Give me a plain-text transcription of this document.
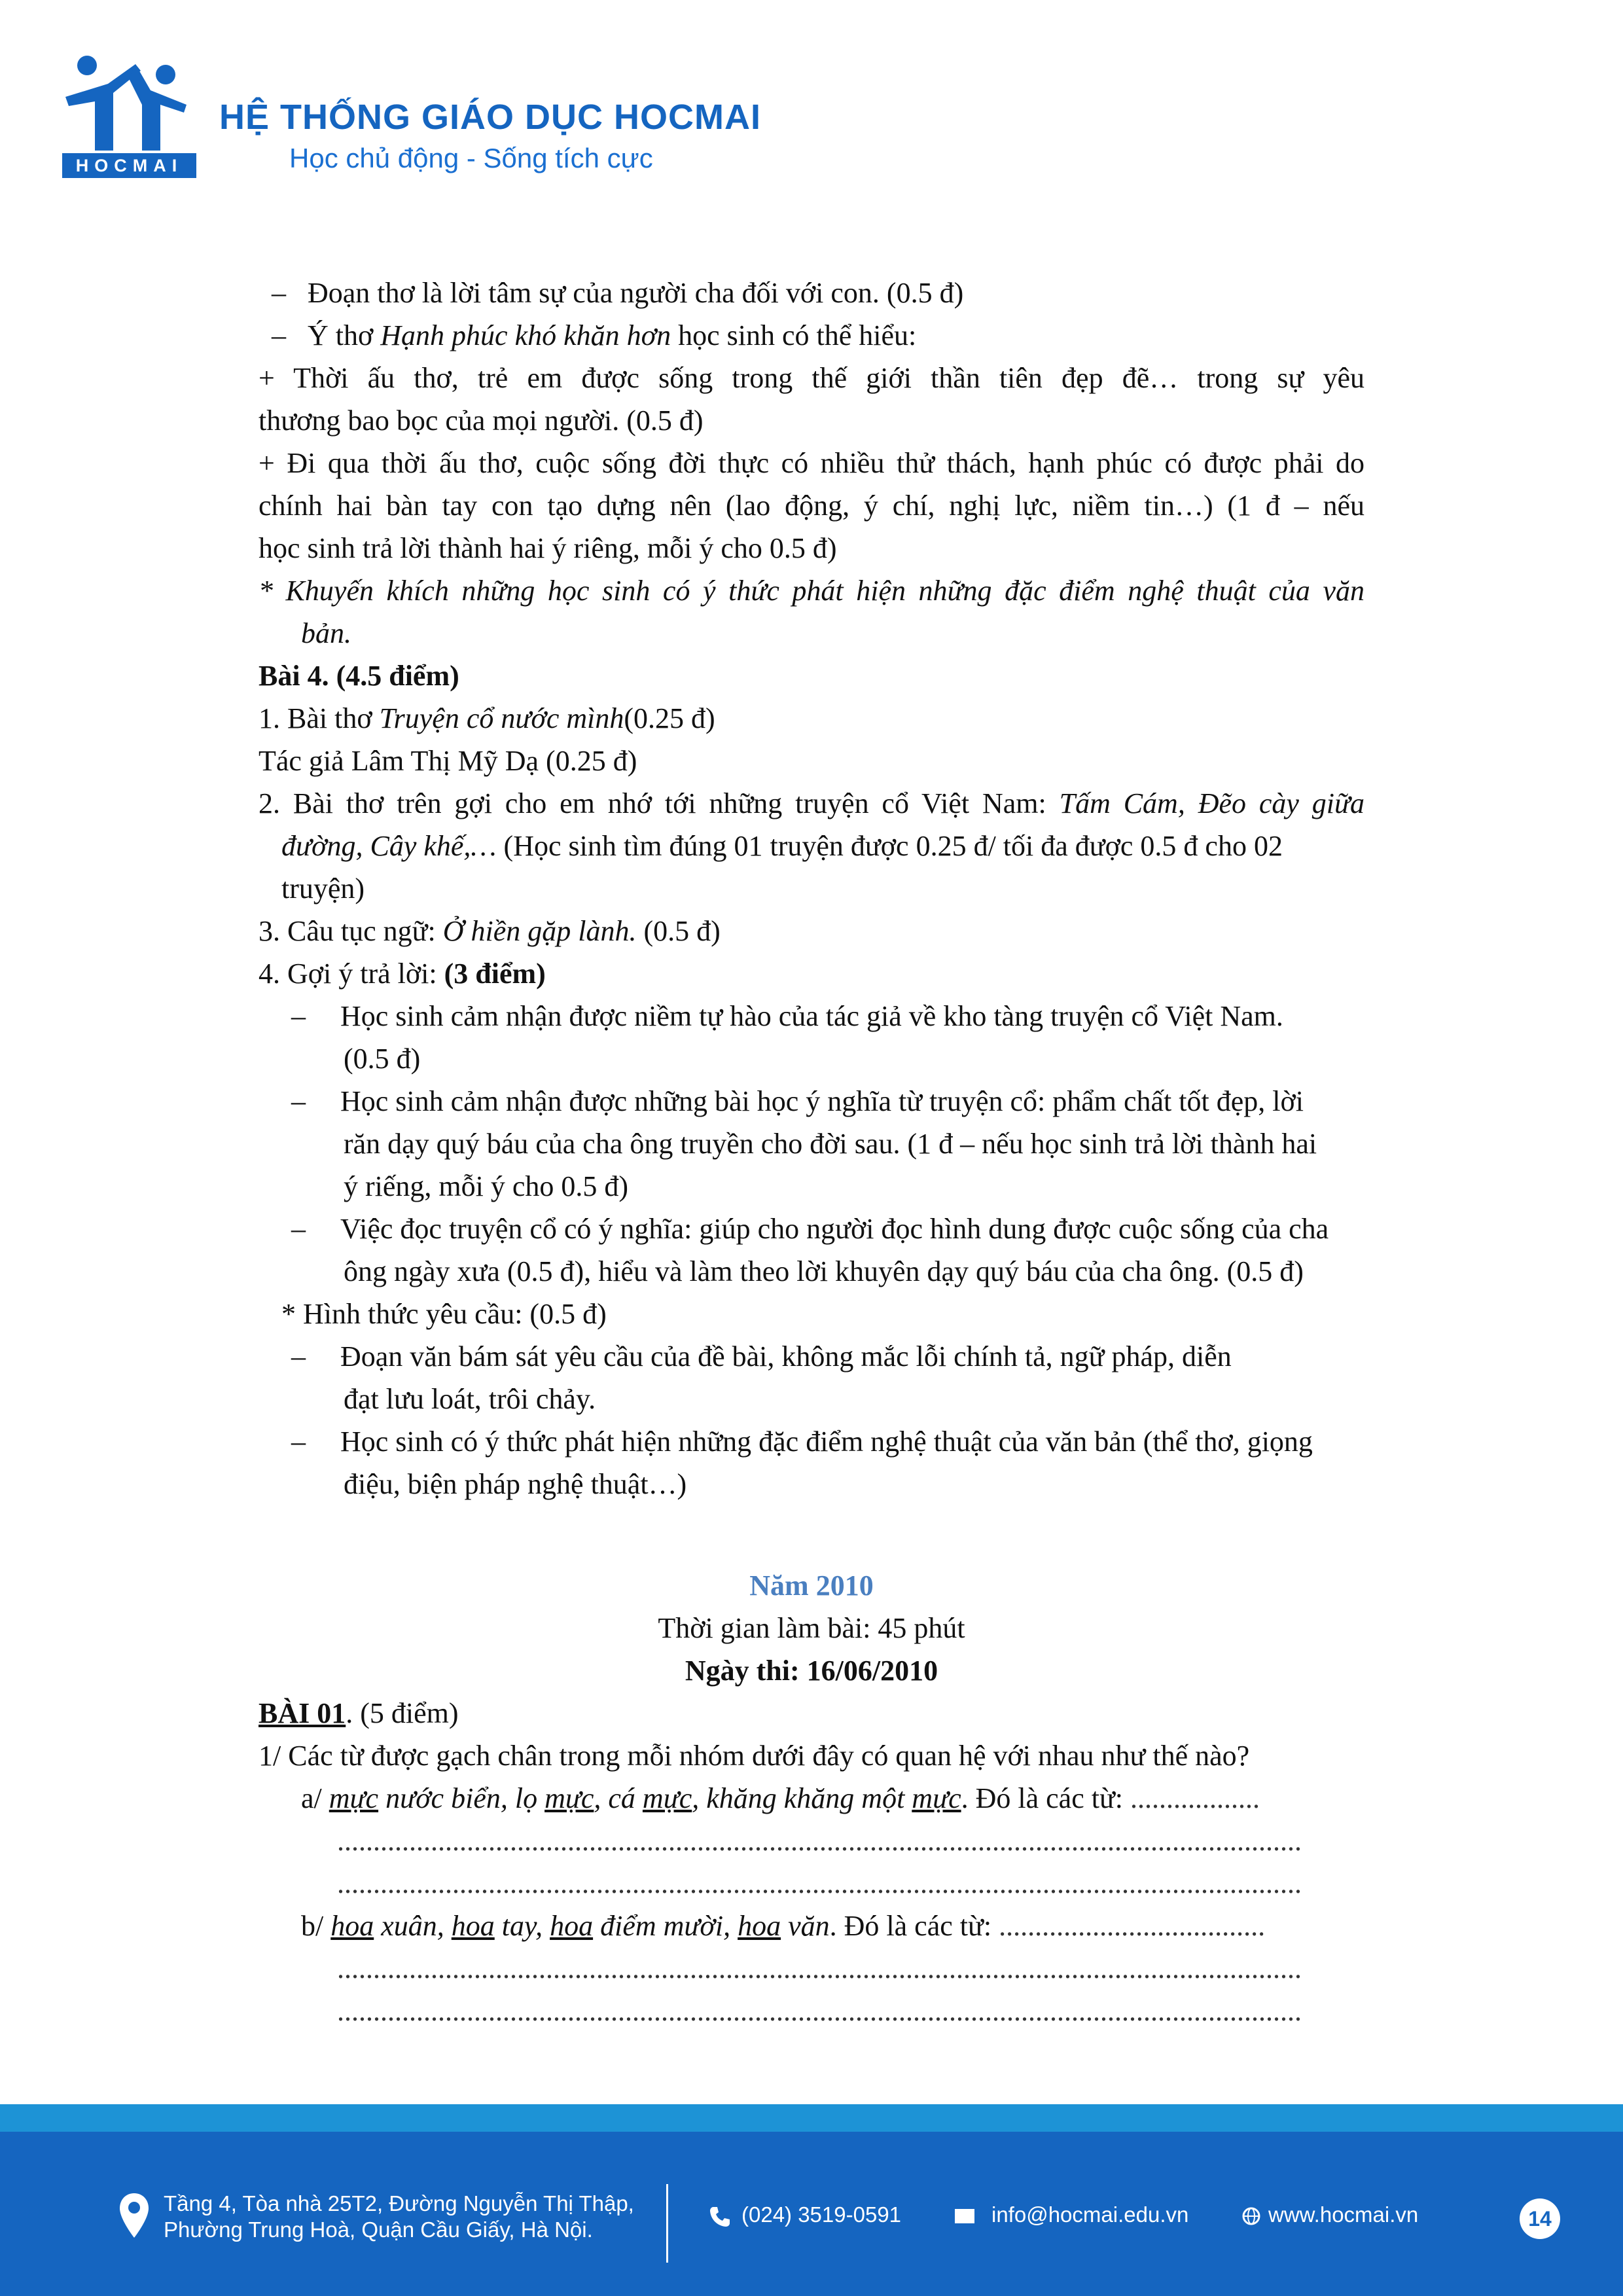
HOCMAI
HỆ THỐNG GIÁO DỤC HOCMAI
Học chủ động - Sống tích cực
– Đoạn thơ là lời tâm sự của người cha đối với con. (0.5 đ)
– Ý thơ Hạnh phúc khó khăn hơn học sinh có thể hiểu:
+ Thời ấu thơ, trẻ em được sống trong thế giới thần tiên đẹp đẽ… trong sự yêu
thương bao bọc của mọi người. (0.5 đ)
+ Đi qua thời ấu thơ, cuộc sống đời thực có nhiều thử thách, hạnh phúc có được phải do
chính hai bàn tay con tạo dựng nên (lao động, ý chí, nghị lực, niềm tin…) (1 đ – nếu
học sinh trả lời thành hai ý riêng, mỗi ý cho 0.5 đ)
* Khuyến khích những học sinh có ý thức phát hiện những đặc điểm nghệ thuật của văn
bản.
Bài 4. (4.5 điểm)
1. Bài thơ Truyện cổ nước mình(0.25 đ)
Tác giả Lâm Thị Mỹ Dạ (0.25 đ)
2. Bài thơ trên gợi cho em nhớ tới những truyện cổ Việt Nam: Tấm Cám, Đẽo cày giữa
đường, Cây khế,… (Học sinh tìm đúng 01 truyện được 0.25 đ/ tối đa được 0.5 đ cho 02
truyện)
3. Câu tục ngữ: Ở hiền gặp lành. (0.5 đ)
4. Gợi ý trả lời: (3 điểm)
– Học sinh cảm nhận được niềm tự hào của tác giả về kho tàng truyện cổ Việt Nam.
(0.5 đ)
– Học sinh cảm nhận được những bài học ý nghĩa từ truyện cổ: phẩm chất tốt đẹp, lời
răn dạy quý báu của cha ông truyền cho đời sau. (1 đ – nếu học sinh trả lời thành hai
ý riếng, mỗi ý cho 0.5 đ)
– Việc đọc truyện cổ có ý nghĩa: giúp cho người đọc hình dung được cuộc sống của cha
ông ngày xưa (0.5 đ), hiểu và làm theo lời khuyên dạy quý báu của cha ông. (0.5 đ)
* Hình thức yêu cầu: (0.5 đ)
– Đoạn văn bám sát yêu cầu của đề bài, không mắc lỗi chính tả, ngữ pháp, diễn
đạt lưu loát, trôi chảy.
– Học sinh có ý thức phát hiện những đặc điểm nghệ thuật của văn bản (thể thơ, giọng
điệu, biện pháp nghệ thuật…)
Năm 2010
Thời gian làm bài: 45 phút
Ngày thi: 16/06/2010
BÀI 01. (5 điểm)
1/ Các từ được gạch chân trong mỗi nhóm dưới đây có quan hệ với nhau như thế nào?
a/ mực nước biển, lọ mực, cá mực, khăng khăng một mực. Đó là các từ: ..................
......................................................................................................................................
......................................................................................................................................
b/ hoa xuân, hoa tay, hoa điểm mười, hoa văn. Đó là các từ: .....................................
......................................................................................................................................
......................................................................................................................................
Tầng 4, Tòa nhà 25T2, Đường Nguyễn Thị Thập,
Phường Trung Hoà, Quận Cầu Giấy, Hà Nội.
(024) 3519-0591	info@hocmai.edu.vn	www.hocmai.vn	14
